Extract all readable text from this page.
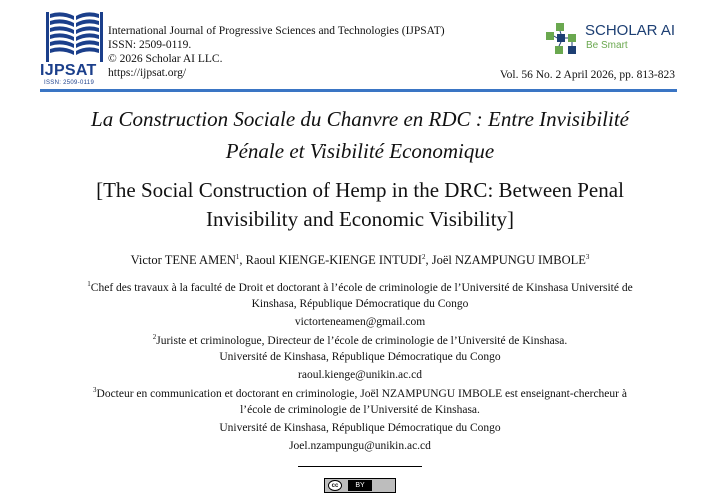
IJPSAT
ISSN: 2509-0119
International Journal of Progressive Sciences and Technologies (IJPSAT)
ISSN: 2509-0119.
© 2026 Scholar AI LLC.
https://ijpsat.org/
SCHOLAR AI
Be Smart
Vol. 56 No. 2 April 2026, pp. 813-823
La Construction Sociale du Chanvre en RDC : Entre Invisibilité
Pénale et Visibilité Economique
[The Social Construction of Hemp in the DRC: Between Penal
Invisibility and Economic Visibility]
Victor TENE AMEN$^1$, Raoul KIENGE-KIENGE INTUDI$^2$, Joël NZAMPUNGU IMBOLE$^3$
$^1$Chef des travaux à la faculté de Droit et doctorant à l’école de criminologie de l’Université de Kinshasa Université de
Kinshasa, République Démocratique du Congo
victorteneamen@gmail.com
$^2$Juriste et criminologue, Directeur de l’école de criminologie de l’Université de Kinshasa.
Université de Kinshasa, République Démocratique du Congo
raoul.kienge@unikin.ac.cd
$^3$Docteur en communication et doctorant en criminologie, Joël NZAMPUNGU IMBOLE est enseignant-chercheur à
l’école de criminologie de l’Université de Kinshasa.
Université de Kinshasa, République Démocratique du Congo
Joel.nzampungu@unikin.ac.cd
cc	BY
